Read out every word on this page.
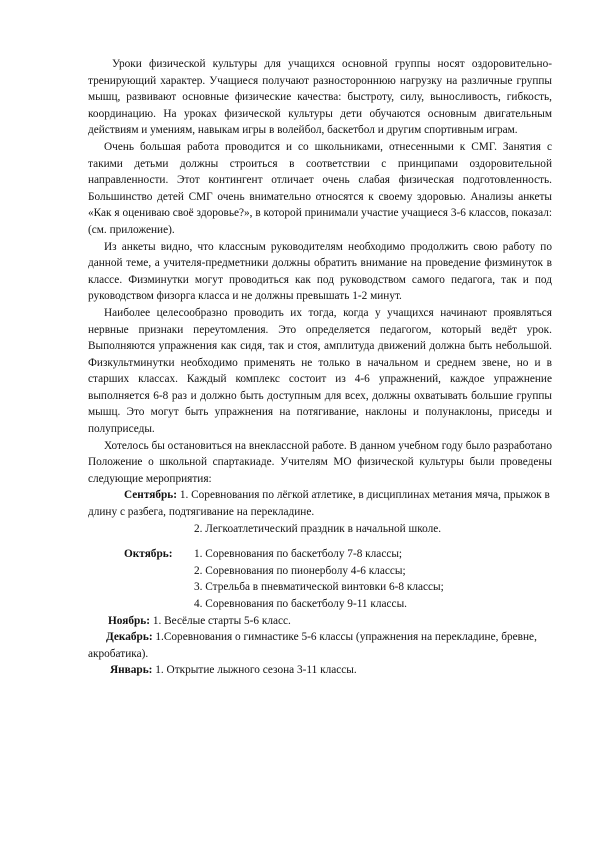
Уроки физической культуры для учащихся основной группы носят оздоровительно-тренирующий характер. Учащиеся получают разностороннюю нагрузку на различные группы мышц, развивают основные физические качества: быстроту, силу, выносливость, гибкость, координацию. На уроках физической культуры дети обучаются основным двигательным действиям и умениям, навыкам игры в волейбол, баскетбол и другим спортивным играм.

Очень большая работа проводится и со школьниками, отнесенными к СМГ. Занятия с такими детьми должны строиться в соответствии с принципами оздоровительной направленности. Этот контингент отличает очень слабая физическая подготовленность. Большинство детей СМГ очень внимательно относятся к своему здоровью. Анализы анкеты «Как я оцениваю своё здоровье?», в которой принимали участие учащиеся 3-6 классов, показал: (см. приложение).

Из анкеты видно, что классным руководителям необходимо продолжить свою работу по данной теме, а учителя-предметники должны обратить внимание на проведение физминуток в классе. Физминутки могут проводиться как под руководством самого педагога, так и под руководством физорга класса и не должны превышать 1-2 минут.

Наиболее целесообразно проводить их тогда, когда у учащихся начинают проявляться нервные признаки переутомления. Это определяется педагогом, который ведёт урок. Выполняются упражнения как сидя, так и стоя, амплитуда движений должна быть небольшой. Физкультминутки необходимо применять не только в начальном и среднем звене, но и в старших классах. Каждый комплекс состоит из 4-6 упражнений, каждое упражнение выполняется 6-8 раз и должно быть доступным для всех, должны охватывать большие группы мышц. Это могут быть упражнения на потягивание, наклоны и полунаклоны, приседы и полуприседы.

Хотелось бы остановиться на внеклассной работе. В данном учебном году было разработано Положение о школьной спартакиаде. Учителям МО физической культуры были проведены следующие мероприятия:

Сентябрь: 1. Соревнования по лёгкой атлетике, в дисциплинах метания мяча, прыжок в длину с разбега, подтягивание на перекладине.

2. Легкоатлетический праздник в начальной школе.

Октябрь: 1. Соревнования по баскетболу 7-8 классы;

2. Соревнования по пионерболу 4-6 классы;

3. Стрельба в пневматической винтовки 6-8 классы;

4. Соревнования по баскетболу 9-11 классы.

Ноябрь: 1. Весёлые старты 5-6 класс.

Декабрь: 1.Соревнования о гимнастике 5-6 классы (упражнения на перекладине, бревне, акробатика).

Январь: 1. Открытие лыжного сезона 3-11 классы.
